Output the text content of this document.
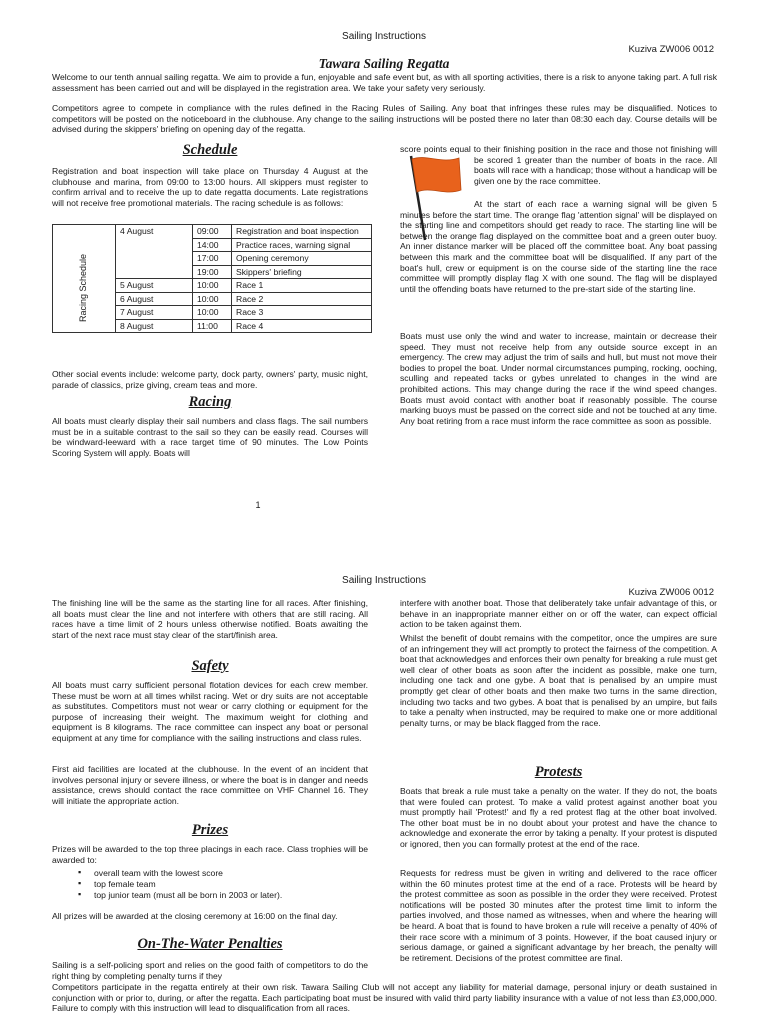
Sailing Instructions
Kuziva ZW006 0012
Tawara Sailing Regatta

Welcome to our tenth annual sailing regatta. We aim to provide a fun, enjoyable and safe event but, as with all sporting activities, there is a risk to anyone taking part. A full risk assessment has been carried out and will be displayed in the registration area. We take your safety very seriously.

Competitors agree to compete in compliance with the rules defined in the Racing Rules of Sailing. Any boat that infringes these rules may be disqualified. Notices to competitors will be posted on the noticeboard in the clubhouse. Any change to the sailing instructions will be posted there no later than 08:30 each day. Course details will be advised during the skippers' briefing on opening day of the regatta.

Schedule

Registration and boat inspection will take place on Thursday 4 August at the clubhouse and marina, from 09:00 to 13:00 hours. All skippers must register to confirm arrival and to receive the up to date regatta documents. Late registrations will not receive free promotional materials. The racing schedule is as follows:

Racing Schedule	4 August	09:00	Registration and boat inspection
		14:00	Practice races, warning signal
		17:00	Opening ceremony
		19:00	Skippers' briefing
	5 August	10:00	Race 1
	6 August	10:00	Race 2
	7 August	10:00	Race 3
	8 August	11:00	Race 4

Other social events include: welcome party, dock party, owners' party, music night, parade of classics, prize giving, cream teas and more.

Racing

All boats must clearly display their sail numbers and class flags. The sail numbers must be in a suitable contrast to the sail so they can be easily read. Courses will be windward-leeward with a race target time of 90 minutes. The Low Points Scoring System will apply. Boats will

score points equal to their finishing position in the race and those not finishing will be scored 1 greater than the number of boats in the race. All boats will race with a handicap; those without a handicap will be given one by the race committee.

At the start of each race a warning signal will be given 5 minutes before the start time. The orange flag 'attention signal' will be displayed on the starting line and competitors should get ready to race. The starting line will be between the orange flag displayed on the committee boat and a green outer buoy. An inner distance marker will be placed off the committee boat. Any boat passing between this mark and the committee boat will be disqualified. If any part of the boat's hull, crew or equipment is on the course side of the starting line the race committee will promptly display flag X with one sound. The flag will be displayed until the offending boats have returned to the pre-start side of the starting line.

Boats must use only the wind and water to increase, maintain or decrease their speed. They must not receive help from any outside source except in an emergency. The crew may adjust the trim of sails and hull, but must not move their bodies to propel the boat. Under normal circumstances pumping, rocking, ooching, sculling and repeated tacks or gybes unrelated to changes in the wind are prohibited actions. This may change during the race if the wind speed changes. Boats must avoid contact with another boat if reasonably possible. The course marking buoys must be passed on the correct side and not be touched at any time. Any boat retiring from a race must inform the race committee as soon as possible.

1
Sailing Instructions
Kuziva ZW006 0012

The finishing line will be the same as the starting line for all races. After finishing, all boats must clear the line and not interfere with others that are still racing. All races have a time limit of 2 hours unless otherwise notified. Boats awaiting the start of the next race must stay clear of the start/finish area.

Safety

All boats must carry sufficient personal flotation devices for each crew member. These must be worn at all times whilst racing. Wet or dry suits are not acceptable as substitutes. Competitors must not wear or carry clothing or equipment for the purpose of increasing their weight. The maximum weight for clothing and equipment is 8 kilograms. The race committee can inspect any boat or personal equipment at any time for compliance with the sailing instructions and class rules.

First aid facilities are located at the clubhouse. In the event of an incident that involves personal injury or severe illness, or where the boat is in danger and needs assistance, crews should contact the race committee on VHF Channel 16. They will initiate the appropriate action.

Prizes

Prizes will be awarded to the top three placings in each race. Class trophies will be awarded to:

▪ overall team with the lowest score
▪ top female team
▪ top junior team (must all be born in 2003 or later).

All prizes will be awarded at the closing ceremony at 16:00 on the final day.

On-The-Water Penalties

Sailing is a self-policing sport and relies on the good faith of competitors to do the right thing by completing penalty turns if they

interfere with another boat. Those that deliberately take unfair advantage of this, or behave in an inappropriate manner either on or off the water, can expect official action to be taken against them.

Whilst the benefit of doubt remains with the competitor, once the umpires are sure of an infringement they will act promptly to protect the fairness of the competition. A boat that acknowledges and enforces their own penalty for breaking a rule must get well clear of other boats as soon after the incident as possible, make one turn, including one tack and one gybe. A boat that is penalised by an umpire must promptly get clear of other boats and then make two turns in the same direction, including two tacks and two gybes. A boat that is penalised by an umpire, but fails to take a penalty when instructed, may be required to make one or more additional penalty turns, or may be black flagged from the race.

Protests

Boats that break a rule must take a penalty on the water. If they do not, the boats that were fouled can protest. To make a valid protest against another boat you must promptly hail 'Protest!' and fly a red protest flag at the other boat involved. The other boat must be in no doubt about your protest and have the chance to acknowledge and exonerate the error by taking a penalty. If your protest is disputed or ignored, then you can formally protest at the end of the race.

Requests for redress must be given in writing and delivered to the race officer within the 60 minutes protest time at the end of a race. Protests will be heard by the protest committee as soon as possible in the order they were received. Protest notifications will be posted 30 minutes after the protest time limit to inform the parties involved, and those named as witnesses, when and where the hearing will be heard. A boat that is found to have broken a rule will receive a penalty of 40% of their race score with a minimum of 3 points. However, if the boat caused injury or serious damage, or gained a significant advantage by her breach, the penalty will be retirement. Decisions of the protest committee are final.

Competitors participate in the regatta entirely at their own risk. Tawara Sailing Club will not accept any liability for material damage, personal injury or death sustained in conjunction with or prior to, during, or after the regatta. Each participating boat must be insured with valid third party liability insurance with a value of not less than £3,000,000. Failure to comply with this instruction will lead to disqualification from all races.
